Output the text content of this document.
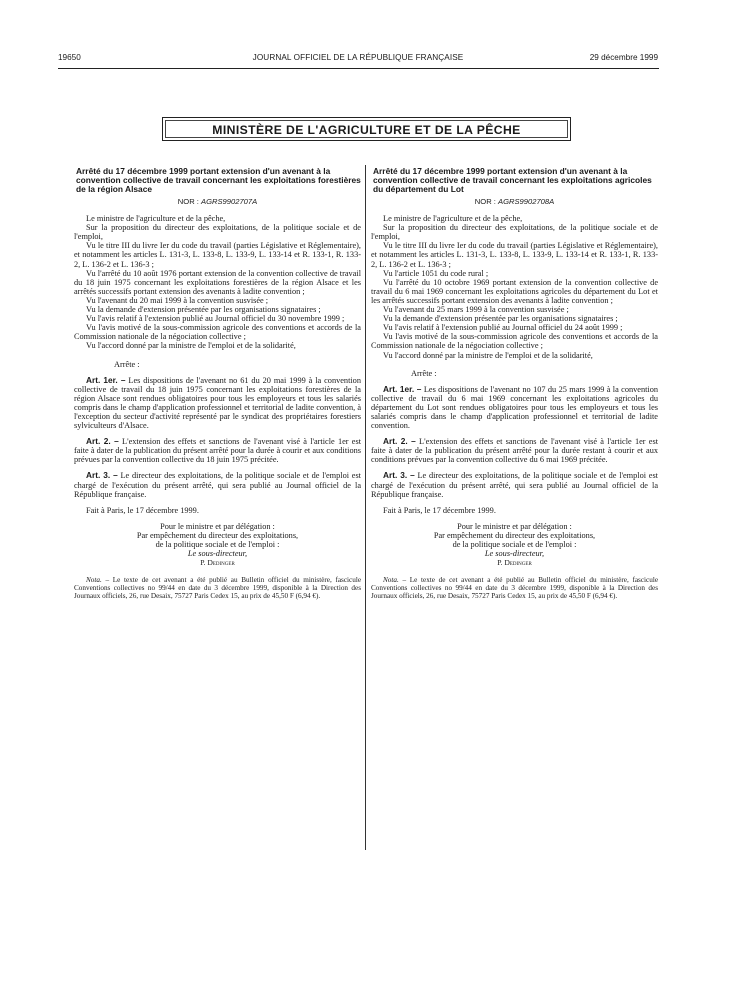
19650	JOURNAL OFFICIEL DE LA RÉPUBLIQUE FRANÇAISE	29 décembre 1999
MINISTÈRE DE L'AGRICULTURE ET DE LA PÊCHE

Arrêté du 17 décembre 1999 portant extension d'un avenant à la convention collective de travail concernant les exploitations forestières de la région Alsace

NOR : AGRS9902707A

Le ministre de l'agriculture et de la pêche,

Sur la proposition du directeur des exploitations, de la politique sociale et de l'emploi,

Vu le titre III du livre Ier du code du travail (parties Législative et Réglementaire), et notamment les articles L. 131-3, L. 133-8, L. 133-9, L. 133-14 et R. 133-1, R. 133-2, L. 136-2 et L. 136-3 ;

Vu l'arrêté du 10 août 1976 portant extension de la convention collective de travail du 18 juin 1975 concernant les exploitations forestières de la région Alsace et les arrêtés successifs portant extension des avenants à ladite convention ;

Vu l'avenant du 20 mai 1999 à la convention susvisée ;

Vu la demande d'extension présentée par les organisations signataires ;

Vu l'avis relatif à l'extension publié au Journal officiel du 30 novembre 1999 ;

Vu l'avis motivé de la sous-commission agricole des conventions et accords de la Commission nationale de la négociation collective ;

Vu l'accord donné par la ministre de l'emploi et de la solidarité,

Arrête :

Art. 1er. – Les dispositions de l'avenant no 61 du 20 mai 1999 à la convention collective de travail du 18 juin 1975 concernant les exploitations forestières de la région Alsace sont rendues obligatoires pour tous les employeurs et tous les salariés compris dans le champ d'application professionnel et territorial de ladite convention, à l'exception du secteur d'activité représenté par le syndicat des propriétaires forestiers sylviculteurs d'Alsace.

Art. 2. – L'extension des effets et sanctions de l'avenant visé à l'article 1er est faite à dater de la publication du présent arrêté pour la durée à courir et aux conditions prévues par la convention collective du 18 juin 1975 précitée.

Art. 3. – Le directeur des exploitations, de la politique sociale et de l'emploi est chargé de l'exécution du présent arrêté, qui sera publié au Journal officiel de la République française.

Fait à Paris, le 17 décembre 1999.

Pour le ministre et par délégation :

Par empêchement du directeur des exploitations,

de la politique sociale et de l'emploi :

Le sous-directeur,

P. Dedinger

Nota. – Le texte de cet avenant a été publié au Bulletin officiel du ministère, fascicule Conventions collectives no 99/44 en date du 3 décembre 1999, disponible à la Direction des Journaux officiels, 26, rue Desaix, 75727 Paris Cedex 15, au prix de 45,50 F (6,94 €).

Arrêté du 17 décembre 1999 portant extension d'un avenant à la convention collective de travail concernant les exploitations agricoles du département du Lot

NOR : AGRS9902708A

Le ministre de l'agriculture et de la pêche,

Sur la proposition du directeur des exploitations, de la politique sociale et de l'emploi,

Vu le titre III du livre Ier du code du travail (parties Législative et Réglementaire), et notamment les articles L. 131-3, L. 133-8, L. 133-9, L. 133-14 et R. 133-1, R. 133-2, L. 136-2 et L. 136-3 ;

Vu l'article 1051 du code rural ;

Vu l'arrêté du 10 octobre 1969 portant extension de la convention collective de travail du 6 mai 1969 concernant les exploitations agricoles du département du Lot et les arrêtés successifs portant extension des avenants à ladite convention ;

Vu l'avenant du 25 mars 1999 à la convention susvisée ;

Vu la demande d'extension présentée par les organisations signataires ;

Vu l'avis relatif à l'extension publié au Journal officiel du 24 août 1999 ;

Vu l'avis motivé de la sous-commission agricole des conventions et accords de la Commission nationale de la négociation collective ;

Vu l'accord donné par la ministre de l'emploi et de la solidarité,

Arrête :

Art. 1er. – Les dispositions de l'avenant no 107 du 25 mars 1999 à la convention collective de travail du 6 mai 1969 concernant les exploitations agricoles du département du Lot sont rendues obligatoires pour tous les employeurs et tous les salariés compris dans le champ d'application professionnel et territorial de ladite convention.

Art. 2. – L'extension des effets et sanctions de l'avenant visé à l'article 1er est faite à dater de la publication du présent arrêté pour la durée restant à courir et aux conditions prévues par la convention collective du 6 mai 1969 précitée.

Art. 3. – Le directeur des exploitations, de la politique sociale et de l'emploi est chargé de l'exécution du présent arrêté, qui sera publié au Journal officiel de la République française.

Fait à Paris, le 17 décembre 1999.

Pour le ministre et par délégation :

Par empêchement du directeur des exploitations,

de la politique sociale et de l'emploi :

Le sous-directeur,

P. Dedinger

Nota. – Le texte de cet avenant a été publié au Bulletin officiel du ministère, fascicule Conventions collectives no 99/44 en date du 3 décembre 1999, disponible à la Direction des Journaux officiels, 26, rue Desaix, 75727 Paris Cedex 15, au prix de 45,50 F (6,94 €).
